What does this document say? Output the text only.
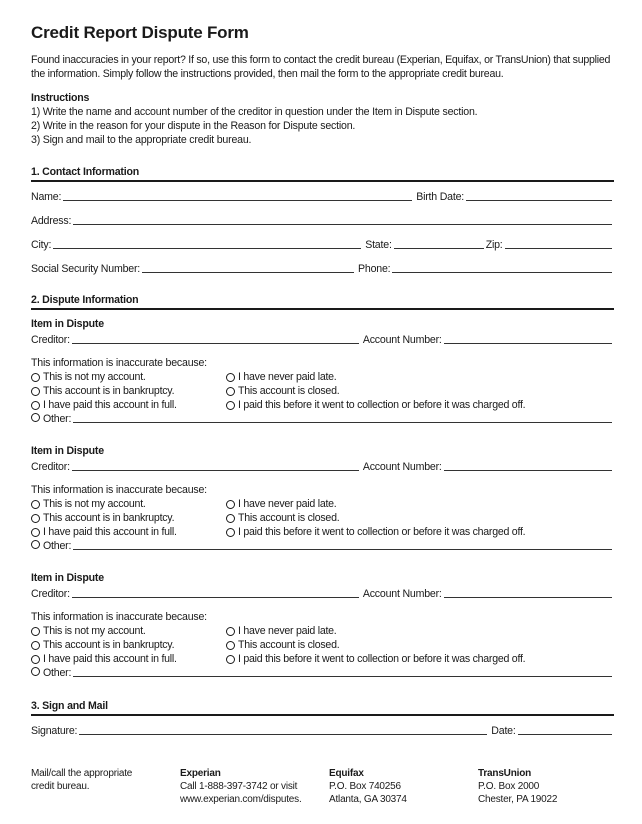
Credit Report Dispute Form
Found inaccuracies in your report? If so, use this form to contact the credit bureau (Experian, Equifax, or TransUnion) that supplied the information. Simply follow the instructions provided, then mail the form to the appropriate credit bureau.
Instructions
1) Write the name and account number of the creditor in question under the Item in Dispute section.
2) Write in the reason for your dispute in the Reason for Dispute section.
3) Sign and mail to the appropriate credit bureau.
1. Contact Information
Name:	Birth Date:
Address:
City:	State:	Zip:
Social Security Number:	Phone:
2. Dispute Information
Item in Dispute
Creditor:	Account Number:
This information is inaccurate because:
This is not my account.
This account is in bankruptcy.
I have paid this account in full.
I have never paid late.
This account is closed.
I paid this before it went to collection or before it was charged off.
Other:
Item in Dispute
Creditor:	Account Number:
This information is inaccurate because:
This is not my account.
This account is in bankruptcy.
I have paid this account in full.
I have never paid late.
This account is closed.
I paid this before it went to collection or before it was charged off.
Other:
Item in Dispute
Creditor:	Account Number:
This information is inaccurate because:
This is not my account.
This account is in bankruptcy.
I have paid this account in full.
I have never paid late.
This account is closed.
I paid this before it went to collection or before it was charged off.
Other:
3. Sign and Mail
Signature:	Date:
Mail/call the appropriate
credit bureau.
Experian
Call 1-888-397-3742 or visit
www.experian.com/disputes.
Equifax
P.O. Box 740256
Atlanta, GA 30374
TransUnion
P.O. Box 2000
Chester, PA 19022
